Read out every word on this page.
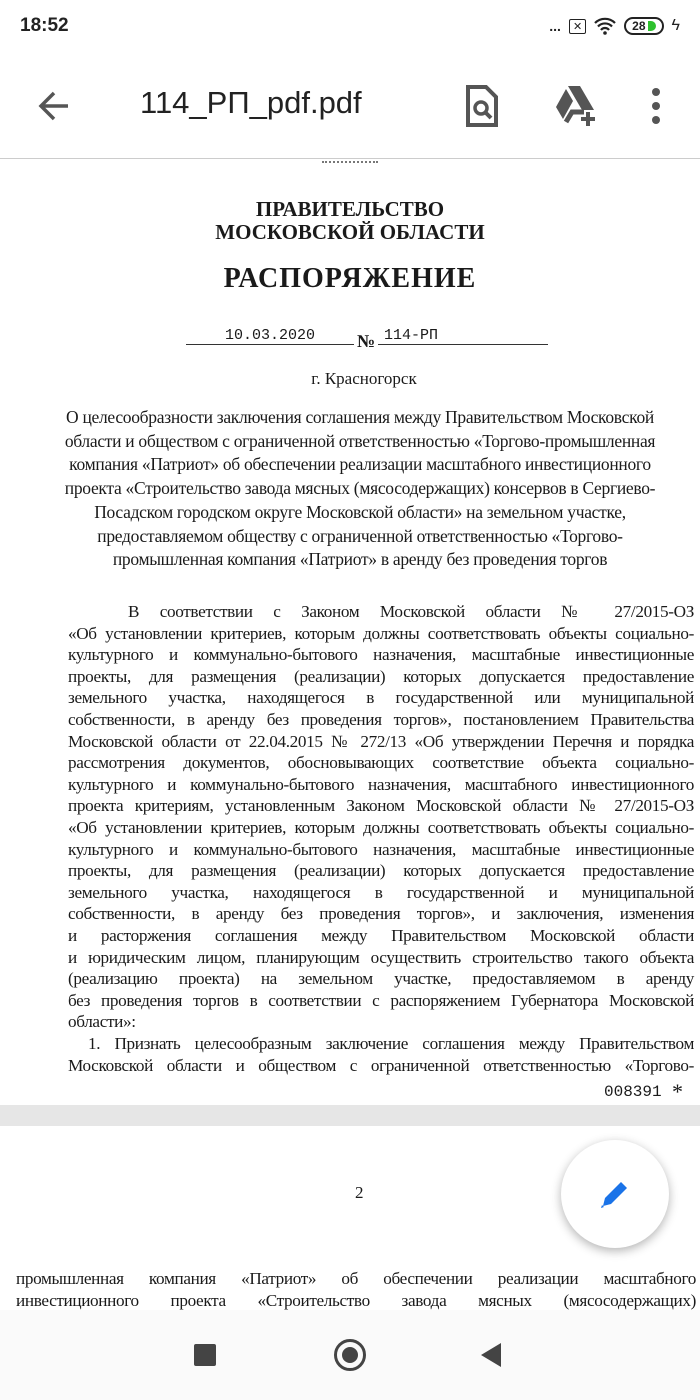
18:52	...	✕	28 ϟ
114_РП_pdf.pdf
ПРАВИТЕЛЬСТВО
МОСКОВСКОЙ ОБЛАСТИ
РАСПОРЯЖЕНИЕ
10.03.2020	№ 114-РП
г. Красногорск
О целесообразности заключения соглашения между Правительством Московской
области и обществом с ограниченной ответственностью «Торгово-промышленная
компания «Патриот» об обеспечении реализации масштабного инвестиционного
проекта «Строительство завода мясных (мясосодержащих) консервов в Сергиево-
Посадском городском округе Московской области» на земельном участке,
предоставляемом обществу с ограниченной ответственностью «Торгово-
промышленная компания «Патриот» в аренду без проведения торгов
В соответствии с Законом Московской области № 27/2015-ОЗ
«Об установлении критериев, которым должны соответствовать объекты социально-
культурного и коммунально-бытового назначения, масштабные инвестиционные
проекты, для размещения (реализации) которых допускается предоставление
земельного участка, находящегося в государственной или муниципальной
собственности, в аренду без проведения торгов», постановлением Правительства
Московской области от 22.04.2015 № 272/13 «Об утверждении Перечня и порядка
рассмотрения документов, обосновывающих соответствие объекта социально-
культурного и коммунально-бытового назначения, масштабного инвестиционного
проекта критериям, установленным Законом Московской области № 27/2015-ОЗ
«Об установлении критериев, которым должны соответствовать объекты социально-
культурного и коммунально-бытового назначения, масштабные инвестиционные
проекты, для размещения (реализации) которых допускается предоставление
земельного участка, находящегося в государственной и муниципальной
собственности, в аренду без проведения торгов», и заключения, изменения
и расторжения соглашения между Правительством Московской области
и юридическим лицом, планирующим осуществить строительство такого объекта
(реализацию проекта) на земельном участке, предоставляемом в аренду
без проведения торгов в соответствии с распоряжением Губернатора Московской
области»:
1. Признать целесообразным заключение соглашения между Правительством
Московской области и обществом с ограниченной ответственностью «Торгово-
008391 *
2
промышленная компания «Патриот» об обеспечении реализации масштабного
инвестиционного проекта «Строительство завода мясных (мясосодержащих)
